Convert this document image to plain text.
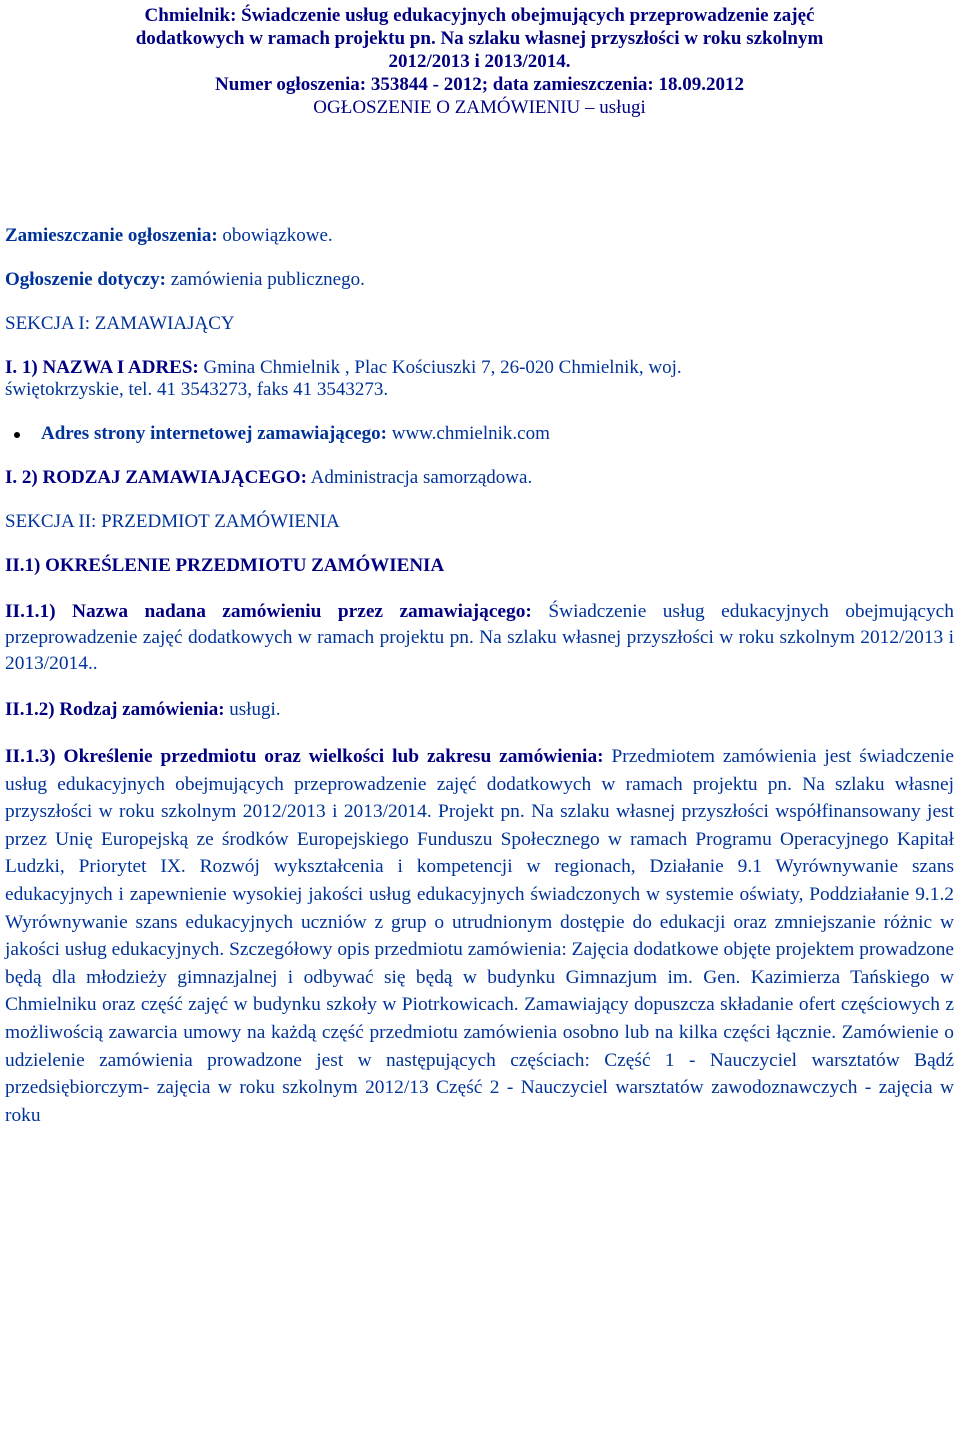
Chmielnik: Świadczenie usług edukacyjnych obejmujących przeprowadzenie zajęć
dodatkowych w ramach projektu pn. Na szlaku własnej przyszłości w roku szkolnym
2012/2013 i 2013/2014.
Numer ogłoszenia: 353844 - 2012; data zamieszczenia: 18.09.2012
OGŁOSZENIE O ZAMÓWIENIU – usługi

Zamieszczanie ogłoszenia: obowiązkowe.

Ogłoszenie dotyczy: zamówienia publicznego.

SEKCJA I: ZAMAWIAJĄCY

I. 1) NAZWA I ADRES: Gmina Chmielnik , Plac Kościuszki 7, 26-020 Chmielnik, woj.

świętokrzyskie, tel. 41 3543273, faks 41 3543273.

Adres strony internetowej zamawiającego: www.chmielnik.com

I. 2) RODZAJ ZAMAWIAJĄCEGO: Administracja samorządowa.

SEKCJA II: PRZEDMIOT ZAMÓWIENIA

II.1) OKREŚLENIE PRZEDMIOTU ZAMÓWIENIA

II.1.1) Nazwa nadana zamówieniu przez zamawiającego: Świadczenie usług edukacyjnych obejmujących przeprowadzenie zajęć dodatkowych w ramach projektu pn. Na szlaku własnej przyszłości w roku szkolnym 2012/2013 i 2013/2014..

II.1.2) Rodzaj zamówienia: usługi.

II.1.3) Określenie przedmiotu oraz wielkości lub zakresu zamówienia: Przedmiotem zamówienia jest świadczenie usług edukacyjnych obejmujących przeprowadzenie zajęć dodatkowych w ramach projektu pn. Na szlaku własnej przyszłości w roku szkolnym 2012/2013 i 2013/2014. Projekt pn. Na szlaku własnej przyszłości współfinansowany jest przez Unię Europejską ze środków Europejskiego Funduszu Społecznego w ramach Programu Operacyjnego Kapitał Ludzki, Priorytet IX. Rozwój wykształcenia i kompetencji w regionach, Działanie 9.1 Wyrównywanie szans edukacyjnych i zapewnienie wysokiej jakości usług edukacyjnych świadczonych w systemie oświaty, Poddziałanie 9.1.2 Wyrównywanie szans edukacyjnych uczniów z grup o utrudnionym dostępie do edukacji oraz zmniejszanie różnic w jakości usług edukacyjnych. Szczegółowy opis przedmiotu zamówienia: Zajęcia dodatkowe objęte projektem prowadzone będą dla młodzieży gimnazjalnej i odbywać się będą w budynku Gimnazjum im. Gen. Kazimierza Tańskiego w Chmielniku oraz część zajęć w budynku szkoły w Piotrkowicach. Zamawiający dopuszcza składanie ofert częściowych z możliwością zawarcia umowy na każdą część przedmiotu zamówienia osobno lub na kilka części łącznie. Zamówienie o udzielenie zamówienia prowadzone jest w następujących częściach: Część 1 - Nauczyciel warsztatów Bądź przedsiębiorczym- zajęcia w roku szkolnym 2012/13 Część 2 - Nauczyciel warsztatów zawodoznawczych - zajęcia w roku
